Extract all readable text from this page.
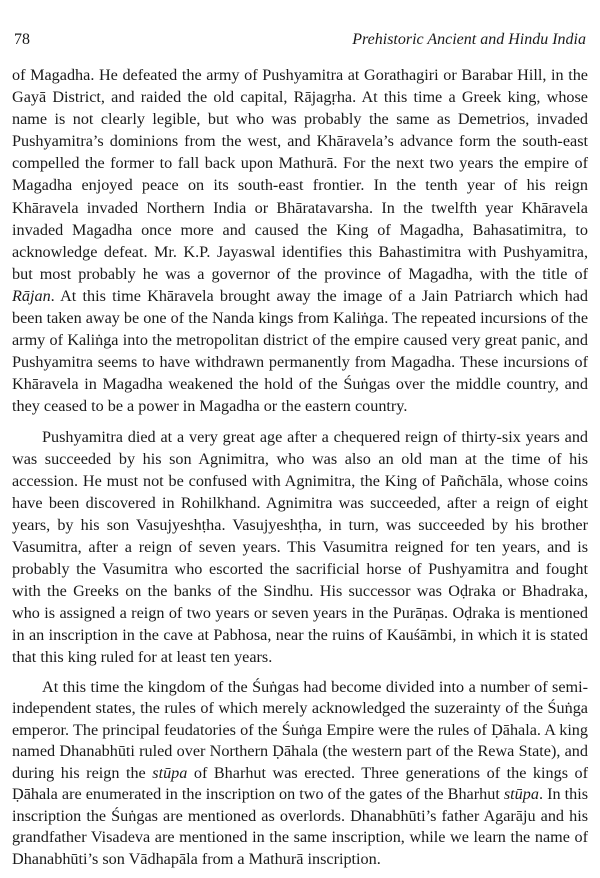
78	Prehistoric Ancient and Hindu India

of Magadha. He defeated the army of Pushyamitra at Gorathagiri or Barabar Hill, in the Gayā District, and raided the old capital, Rājagṛha. At this time a Greek king, whose name is not clearly legible, but who was probably the same as Demetrios, invaded Pushyamitra’s dominions from the west, and Khāravela’s advance form the south-east compelled the former to fall back upon Mathurā. For the next two years the empire of Magadha enjoyed peace on its south-east frontier. In the tenth year of his reign Khāravela invaded Northern India or Bhāratavarsha. In the twelfth year Khāravela invaded Magadha once more and caused the King of Magadha, Bahasatimitra, to acknowledge defeat. Mr. K.P. Jayaswal identifies this Bahastimitra with Pushyamitra, but most probably he was a governor of the province of Magadha, with the title of Rājan. At this time Khāravela brought away the image of a Jain Patriarch which had been taken away be one of the Nanda kings from Kaliṅga. The repeated incursions of the army of Kaliṅga into the metropolitan district of the empire caused very great panic, and Pushyamitra seems to have withdrawn permanently from Magadha. These incursions of Khāravela in Magadha weakened the hold of the Śuṅgas over the middle country, and they ceased to be a power in Magadha or the eastern country.

Pushyamitra died at a very great age after a chequered reign of thirty-six years and was succeeded by his son Agnimitra, who was also an old man at the time of his accession. He must not be confused with Agnimitra, the King of Pañchāla, whose coins have been discovered in Rohilkhand. Agnimitra was succeeded, after a reign of eight years, by his son Vasujyeshṭha. Vasujyeshṭha, in turn, was succeeded by his brother Vasumitra, after a reign of seven years. This Vasumitra reigned for ten years, and is probably the Vasumitra who escorted the sacrificial horse of Pushyamitra and fought with the Greeks on the banks of the Sindhu. His successor was Oḍraka or Bhadraka, who is assigned a reign of two years or seven years in the Purāṇas. Oḍraka is mentioned in an inscription in the cave at Pabhosa, near the ruins of Kauśāmbi, in which it is stated that this king ruled for at least ten years.

At this time the kingdom of the Śuṅgas had become divided into a number of semi-independent states, the rules of which merely acknowledged the suzerainty of the Śuṅga emperor. The principal feudatories of the Śuṅga Empire were the rules of Ḍāhala. A king named Dhanabhūti ruled over Northern Ḍāhala (the western part of the Rewa State), and during his reign the stūpa of Bharhut was erected. Three generations of the kings of Ḍāhala are enumerated in the inscription on two of the gates of the Bharhut stūpa. In this inscription the Śuṅgas are mentioned as overlords. Dhanabhūti’s father Agarāju and his grandfather Visadeva are mentioned in the same inscription, while we learn the name of Dhanabhūti’s son Vādhapāla from a Mathurā inscription.
